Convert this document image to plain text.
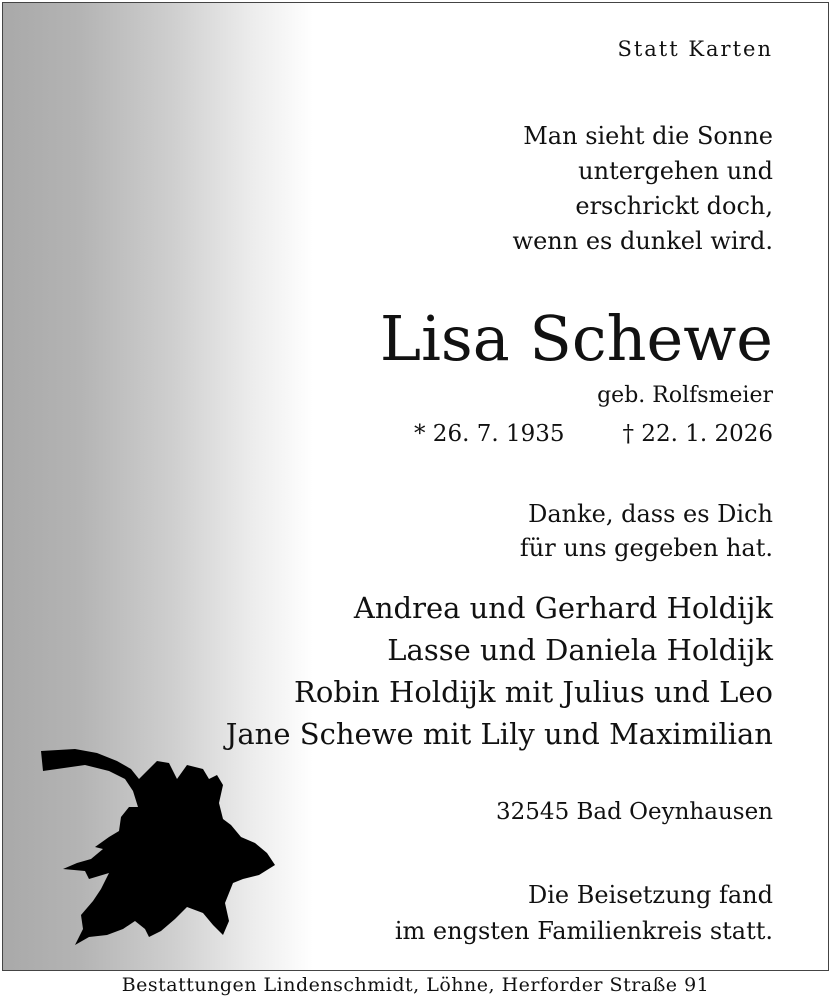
Statt Karten
Man sieht die Sonne
untergehen und
erschrickt doch,
wenn es dunkel wird.
Lisa Schewe
geb. Rolfsmeier
* 26. 7. 1935	† 22. 1. 2026
Danke, dass es Dich
für uns gegeben hat.
Andrea und Gerhard Holdijk
Lasse und Daniela Holdijk
Robin Holdijk mit Julius und Leo
Jane Schewe mit Lily und Maximilian
32545 Bad Oeynhausen
Die Beisetzung fand
im engsten Familienkreis statt.
Bestattungen Lindenschmidt, Löhne, Herforder Straße 91
